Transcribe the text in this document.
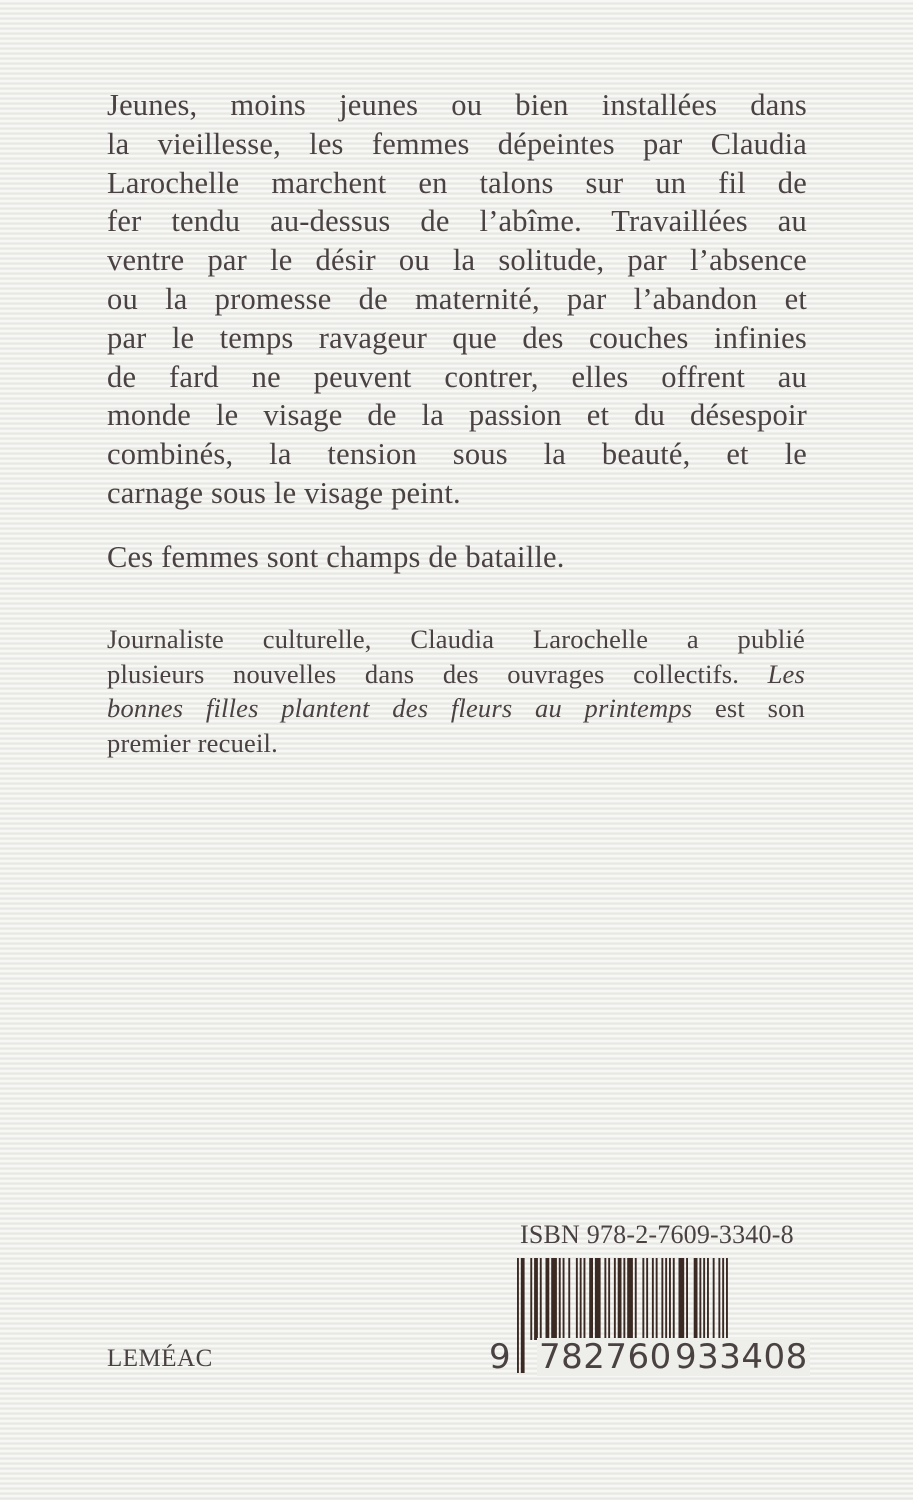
Jeunes, moins jeunes ou bien installées dans
la vieillesse, les femmes dépeintes par Claudia
Larochelle marchent en talons sur un fil de
fer tendu au-dessus de l’abîme. Travaillées au
ventre par le désir ou la solitude, par l’absence
ou la promesse de maternité, par l’abandon et
par le temps ravageur que des couches infinies
de fard ne peuvent contrer, elles offrent au
monde le visage de la passion et du désespoir
combinés, la tension sous la beauté, et le
carnage sous le visage peint.
Ces femmes sont champs de bataille.
Journaliste culturelle, Claudia Larochelle a publié
plusieurs nouvelles dans des ouvrages collectifs. Les
bonnes filles plantent des fleurs au printemps est son
premier recueil.
ISBN 978-2-7609-3340-8
9 782760 933408
LEMÉAC
